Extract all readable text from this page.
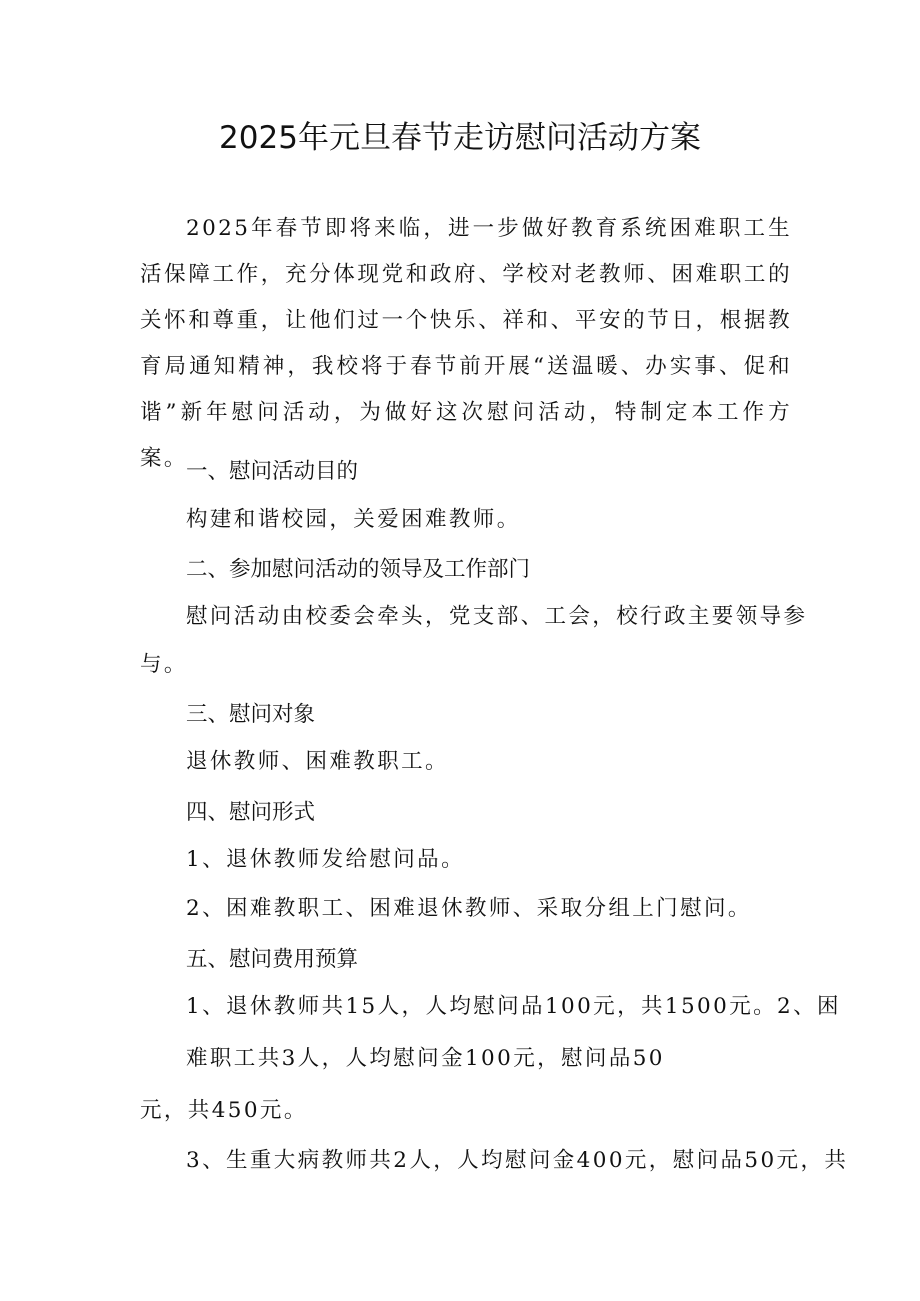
2025年元旦春节走访慰问活动方案

2025年春节即将来临，进一步做好教育系统困难职工生活保障工作，充分体现党和政府、学校对老教师、困难职工的关怀和尊重，让他们过一个快乐、祥和、平安的节日，根据教育局通知精神，我校将于春节前开展“送温暖、办实事、促和谐”新年慰问活动，为做好这次慰问活动，特制定本工作方案。

一、慰问活动目的

构建和谐校园，关爱困难教师。

二、参加慰问活动的领导及工作部门

慰问活动由校委会牵头，党支部、工会，校行政主要领导参

与。

三、慰问对象

退休教师、困难教职工。

四、慰问形式

1、退休教师发给慰问品。

2、困难教职工、困难退休教师、采取分组上门慰问。

五、慰问费用预算

1、退休教师共15人，人均慰问品100元，共1500元。2、困

难职工共3人，人均慰问金100元，慰问品50

元，共450元。

3、生重大病教师共2人，人均慰问金400元，慰问品50元，共
